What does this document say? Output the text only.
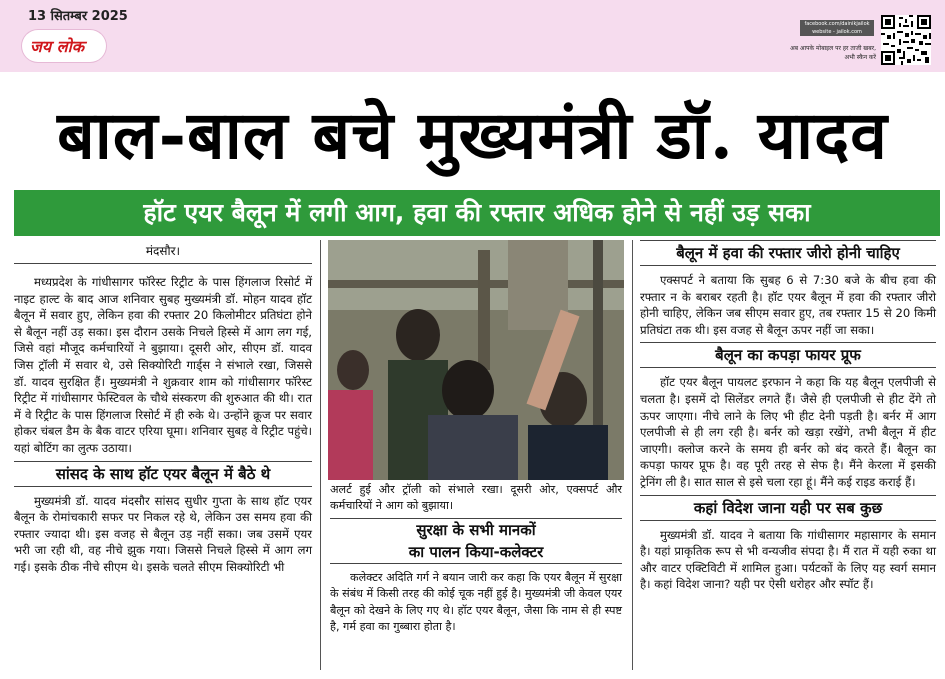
13 सितम्बर 2025
जय लोक
facebook.com/dainikjailok website - jailok.com
अब आपके मोबाइल पर हर ताजी खबर, अभी स्कैन करें
बाल-बाल बचे मुख्यमंत्री डॉ. यादव
हॉट एयर बैलून में लगी आग, हवा की रफ्तार अधिक होने से नहीं उड़ सका
मंदसौर।

मध्यप्रदेश के गांधीसागर फॉरेस्ट रिट्रीट के पास हिंगलाज रिसोर्ट में नाइट हाल्ट के बाद आज शनिवार सुबह मुख्यमंत्री डॉ. मोहन यादव हॉट बैलून में सवार हुए, लेकिन हवा की रफ्तार 20 किलोमीटर प्रतिघंटा होने से बैलून नहीं उड़ सका। इस दौरान उसके निचले हिस्से में आग लग गई, जिसे वहां मौजूद कर्मचारियों ने बुझाया। दूसरी ओर, सीएम डॉ. यादव जिस ट्रॉली में सवार थे, उसे सिक्योरिटी गार्ड्स ने संभाले रखा, जिससे डॉ. यादव सुरक्षित हैं। मुख्यमंत्री ने शुक्रवार शाम को गांधीसागर फॉरेस्ट रिट्रीट में गांधीसागर फेस्टिवल के चौथे संस्करण की शुरुआत की थी। रात में वे रिट्रीट के पास हिंगलाज रिसोर्ट में ही रुके थे। उन्होंने क्रूज पर सवार होकर चंबल डैम के बैक वाटर एरिया घूमा। शनिवार सुबह वे रिट्रीट पहुंचे। यहां बोटिंग का लुत्फ उठाया।

सांसद के साथ हॉट एयर बैलून में बैठे थे

मुख्यमंत्री डॉ. यादव मंदसौर सांसद सुधीर गुप्ता के साथ हॉट एयर बैलून के रोमांचकारी सफर पर निकल रहे थे, लेकिन उस समय हवा की रफ्तार ज्यादा थी। इस वजह से बैलून उड़ नहीं सका। जब उसमें एयर भरी जा रही थी, वह नीचे झुक गया। जिससे निचले हिस्से में आग लग गई। इसके ठीक नीचे सीएम थे। इसके चलते सीएम सिक्योरिटी भी

अलर्ट हुई और ट्रॉली को संभाले रखा। दूसरी ओर, एक्सपर्ट और कर्मचारियों ने आग को बुझाया।
सुरक्षा के सभी मानकों
का पालन किया-कलेक्टर
कलेक्टर अदिति गर्ग ने बयान जारी कर कहा कि एयर बैलून में सुरक्षा के संबंध में किसी तरह की कोई चूक नहीं हुई है। मुख्यमंत्री जी केवल एयर बैलून को देखने के लिए गए थे। हॉट एयर बैलून, जैसा कि नाम से ही स्पष्ट है, गर्म हवा का गुब्बारा होता है।
बैलून में हवा की रफ्तार जीरो होनी चाहिए

एक्सपर्ट ने बताया कि सुबह 6 से 7:30 बजे के बीच हवा की रफ्तार न के बराबर रहती है। हॉट एयर बैलून में हवा की रफ्तार जीरो होनी चाहिए, लेकिन जब सीएम सवार हुए, तब रफ्तार 15 से 20 किमी प्रतिघंटा तक थी। इस वजह से बैलून ऊपर नहीं जा सका।

बैलून का कपड़ा फायर प्रूफ

हॉट एयर बैलून पायलट इरफान ने कहा कि यह बैलून एलपीजी से चलता है। इसमें दो सिलेंडर लगते हैं। जैसे ही एलपीजी से हीट देंगे तो ऊपर जाएगा। नीचे लाने के लिए भी हीट देनी पड़ती है। बर्नर में आग एलपीजी से ही लग रही है। बर्नर को खड़ा रखेंगे, तभी बैलून में हीट जाएगी। क्लोज करने के समय ही बर्नर को बंद करते हैं। बैलून का कपड़ा फायर प्रूफ है। वह पूरी तरह से सेफ है। मैंने केरला में इसकी ट्रेनिंग ली है। सात साल से इसे चला रहा हूं। मैंने कई राइड कराई हैं।

कहां विदेश जाना यही पर सब कुछ

मुख्यमंत्री डॉ. यादव ने बताया कि गांधीसागर महासागर के समान है। यहां प्राकृतिक रूप से भी वन्यजीव संपदा है। मैं रात में यही रुका था और वाटर एक्टिविटी में शामिल हुआ। पर्यटकों के लिए यह स्वर्ग समान है। कहां विदेश जाना? यही पर ऐसी धरोहर और स्पॉट हैं।
